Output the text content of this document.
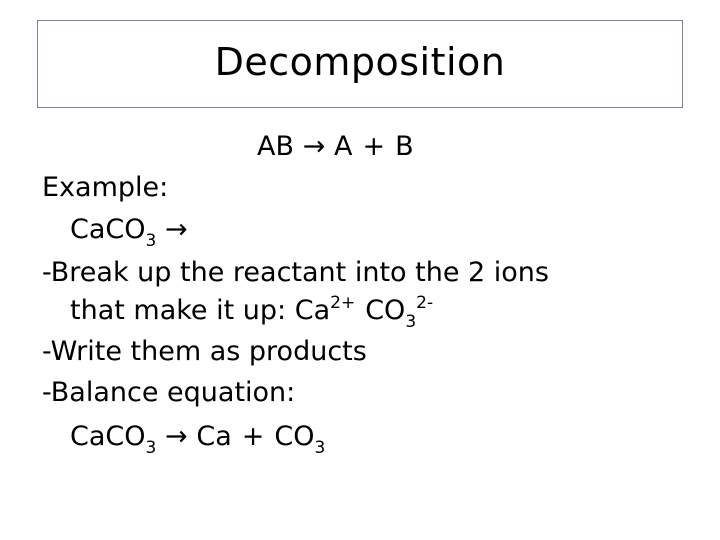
Decomposition
AB → A + B
Example:
CaCO$_3$ →
-Break up the reactant into the 2 ions
that make it up: $Ca^{2+}$ $CO_3^{2-}$
-Write them as products
-Balance equation:
CaCO$_3$ → $Ca + CO_3$
